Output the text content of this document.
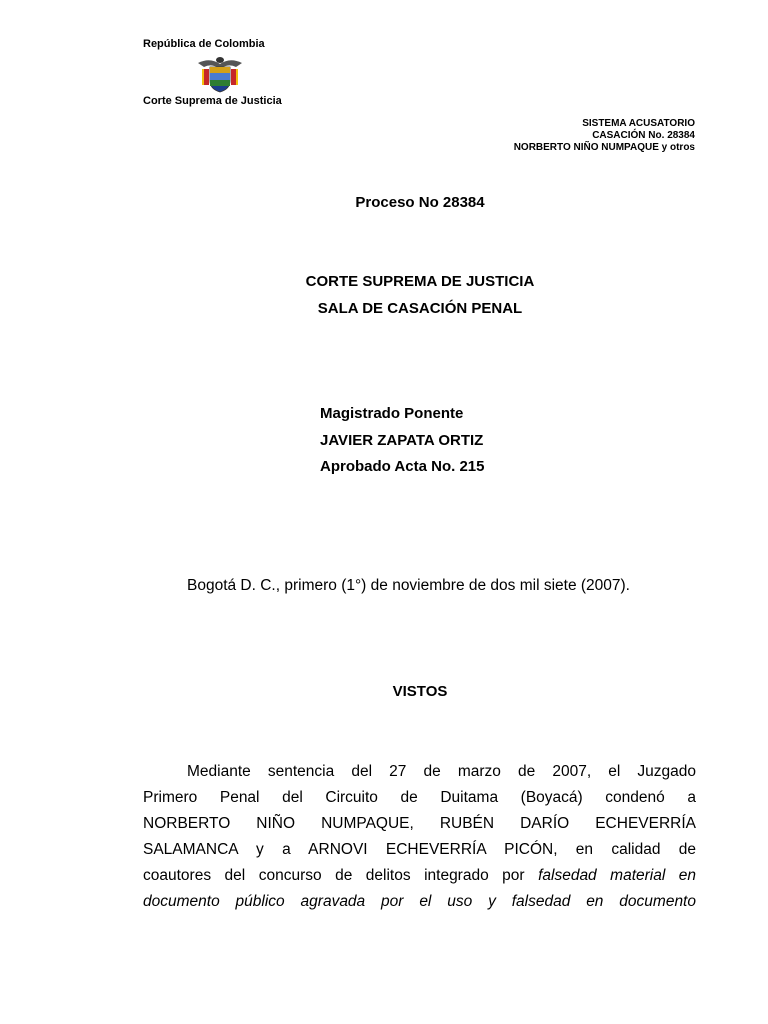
República de Colombia
Corte Suprema de Justicia
SISTEMA ACUSATORIO
CASACIÓN No. 28384
NORBERTO NIÑO NUMPAQUE y otros
Proceso No 28384
CORTE SUPREMA DE JUSTICIA
SALA DE CASACIÓN PENAL
Magistrado Ponente
JAVIER ZAPATA ORTIZ
Aprobado Acta No. 215
Bogotá D. C., primero (1°) de noviembre de dos mil siete (2007).
VISTOS
Mediante sentencia del 27 de marzo de 2007, el Juzgado
Primero Penal del Circuito de Duitama (Boyacá) condenó a
NORBERTO NIÑO NUMPAQUE, RUBÉN DARÍO ECHEVERRÍA
SALAMANCA y a ARNOVI ECHEVERRÍA PICÓN, en calidad de
coautores del concurso de delitos integrado por falsedad material en
documento público agravada por el uso y falsedad en documento
